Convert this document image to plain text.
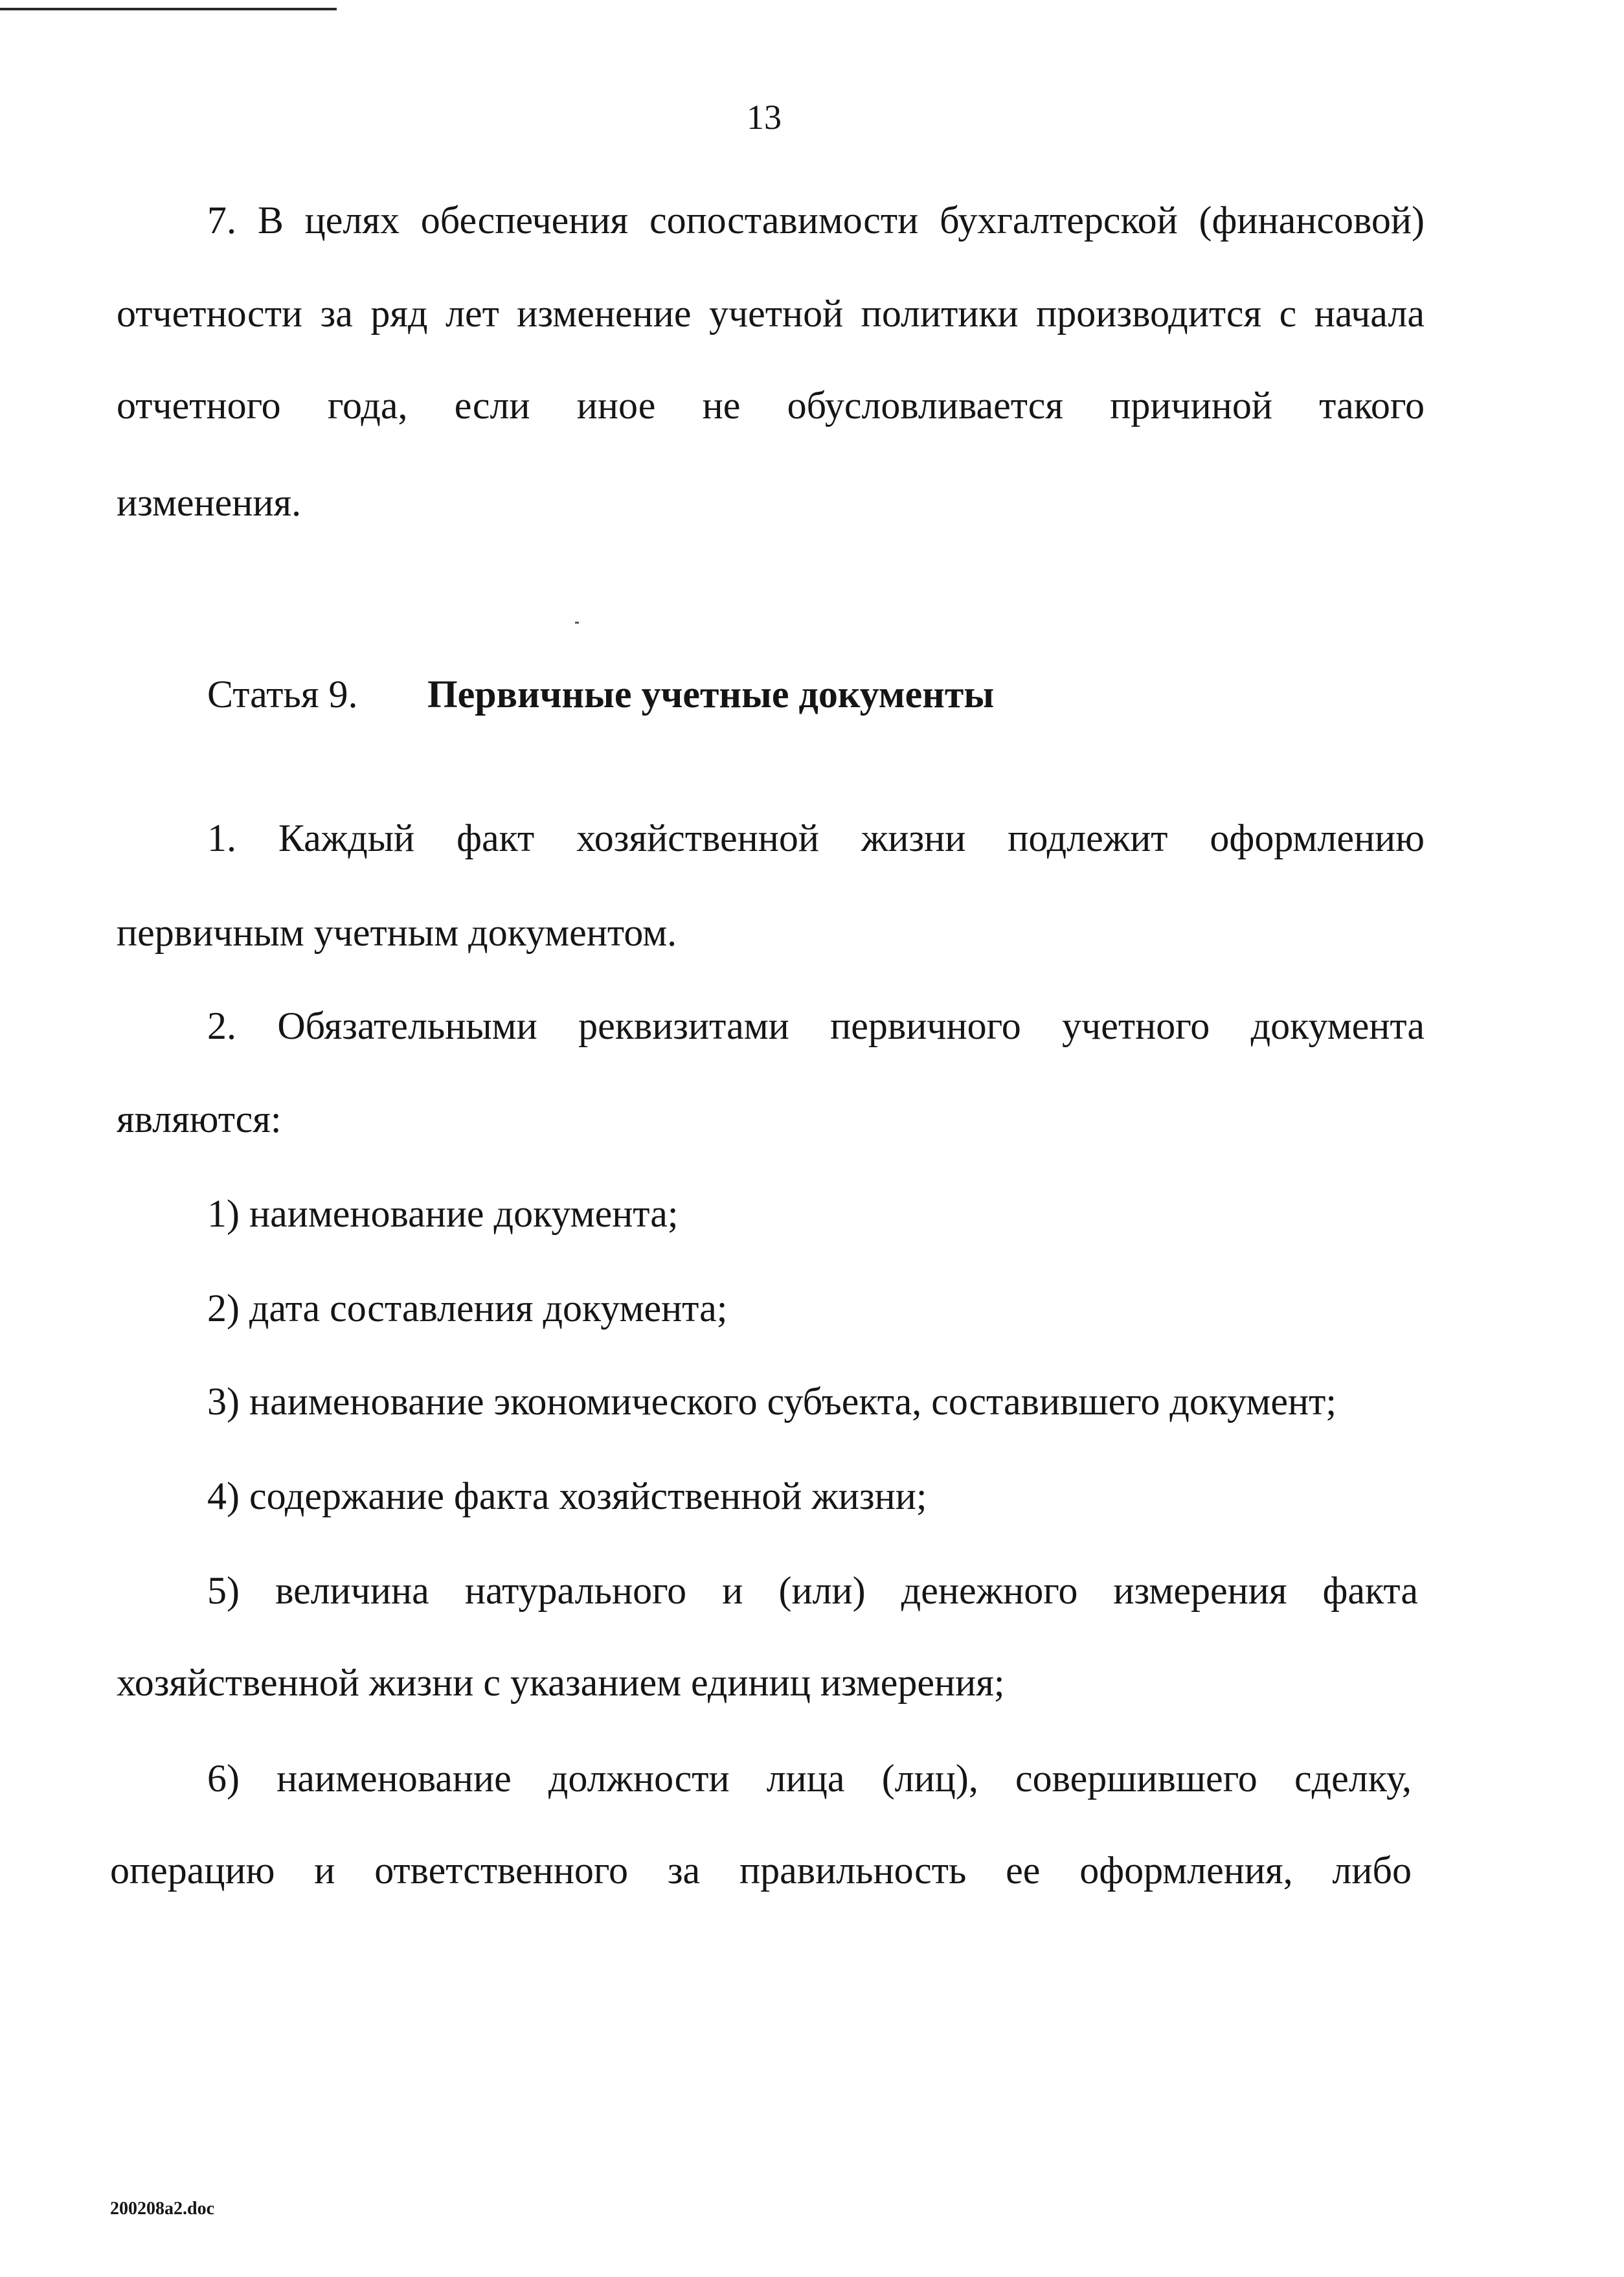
13
7. В целях обеспечения сопоставимости бухгалтерской (финансовой)
отчетности за ряд лет изменение учетной политики производится с начала
отчетного года, если иное не обусловливается причиной такого
изменения.
Статья 9. Первичные учетные документы
1. Каждый факт хозяйственной жизни подлежит оформлению
первичным учетным документом.
2. Обязательными реквизитами первичного учетного документа
являются:
1) наименование документа;
2) дата составления документа;
3) наименование экономического субъекта, составившего документ;
4) содержание факта хозяйственной жизни;
5) величина натурального и (или) денежного измерения факта
хозяйственной жизни с указанием единиц измерения;
6) наименование должности лица (лиц), совершившего сделку,
операцию и ответственного за правильность ее оформления, либо
200208a2.doc
